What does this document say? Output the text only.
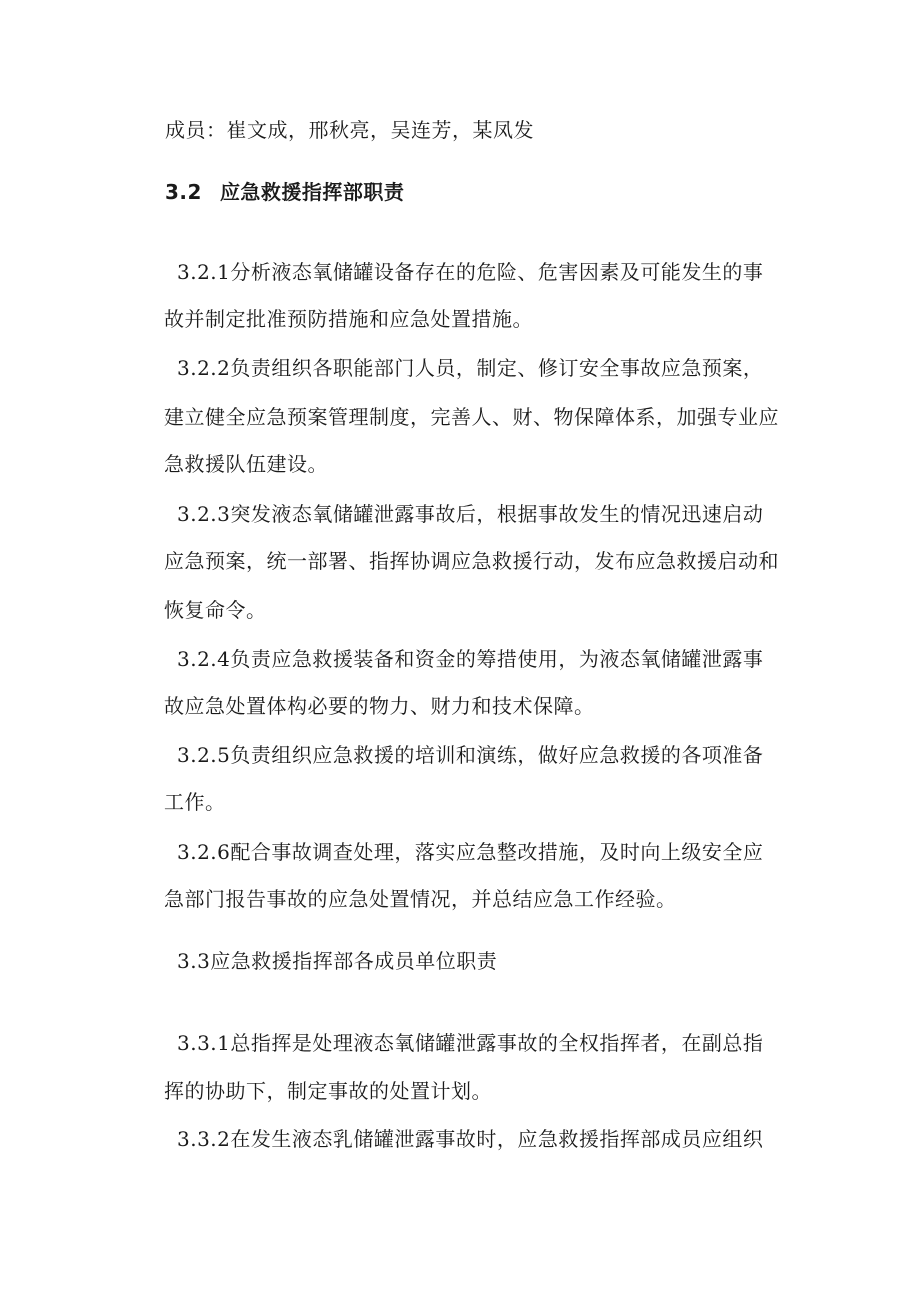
成员：崔文成，邢秋亮，吴连芳，某凤发
3.2 应急救援指挥部职责
3.2.1分析液态氧储罐设备存在的危险、危害因素及可能发生的事
故并制定批准预防措施和应急处置措施。
3.2.2负责组织各职能部门人员，制定、修订安全事故应急预案，
建立健全应急预案管理制度，完善人、财、物保障体系，加强专业应
急救援队伍建设。
3.2.3突发液态氧储罐泄露事故后，根据事故发生的情况迅速启动
应急预案，统一部署、指挥协调应急救援行动，发布应急救援启动和
恢复命令。
3.2.4负责应急救援装备和资金的筹措使用，为液态氧储罐泄露事
故应急处置体构必要的物力、财力和技术保障。
3.2.5负责组织应急救援的培训和演练，做好应急救援的各项准备
工作。
3.2.6配合事故调查处理，落实应急整改措施，及时向上级安全应
急部门报告事故的应急处置情况，并总结应急工作经验。
3.3应急救援指挥部各成员单位职责
3.3.1总指挥是处理液态氧储罐泄露事故的全权指挥者，在副总指
挥的协助下，制定事故的处置计划。
3.3.2在发生液态乳储罐泄露事故时，应急救援指挥部成员应组织
